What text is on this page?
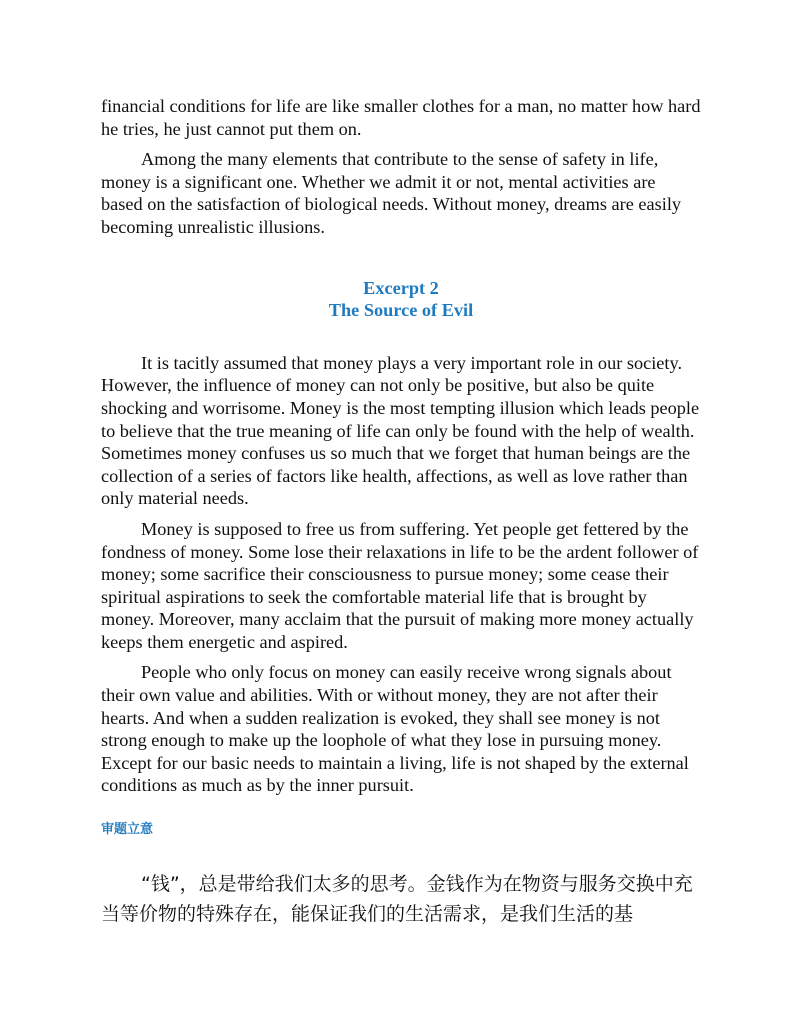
financial conditions for life are like smaller clothes for a man, no matter how hard he tries, he just cannot put them on.

Among the many elements that contribute to the sense of safety in life, money is a significant one. Whether we admit it or not, mental activities are based on the satisfaction of biological needs. Without money, dreams are easily becoming unrealistic illusions.

Excerpt 2
The Source of Evil

It is tacitly assumed that money plays a very important role in our society. However, the influence of money can not only be positive, but also be quite shocking and worrisome. Money is the most tempting illusion which leads people to believe that the true meaning of life can only be found with the help of wealth. Sometimes money confuses us so much that we forget that human beings are the collection of a series of factors like health, affections, as well as love rather than only material needs.

Money is supposed to free us from suffering. Yet people get fettered by the fondness of money. Some lose their relaxations in life to be the ardent follower of money; some sacrifice their consciousness to pursue money; some cease their spiritual aspirations to seek the comfortable material life that is brought by money. Moreover, many acclaim that the pursuit of making more money actually keeps them energetic and aspired.

People who only focus on money can easily receive wrong signals about their own value and abilities. With or without money, they are not after their hearts. And when a sudden realization is evoked, they shall see money is not strong enough to make up the loophole of what they lose in pursuing money. Except for our basic needs to maintain a living, life is not shaped by the external conditions as much as by the inner pursuit.

审题立意
“钱”，总是带给我们太多的思考。金钱作为在物资与服务交换中充当等价物的特殊存在，能保证我们的生活需求，是我们生活的基
